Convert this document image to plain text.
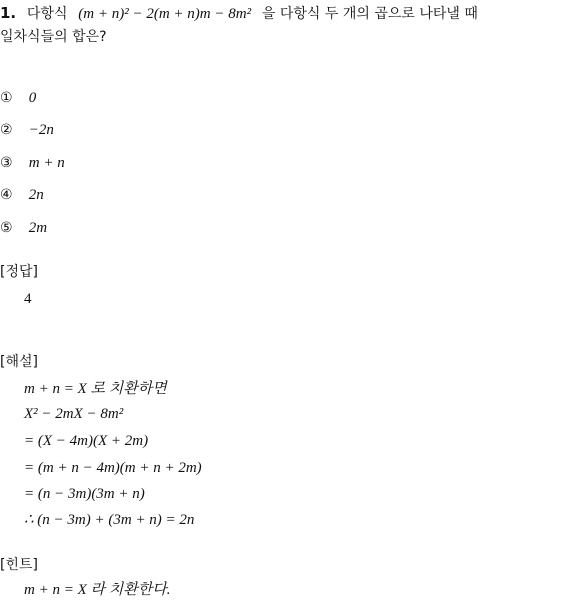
1. 다항식 (m + n)² − 2(m + n)m − 8m² 을 다항식 두 개의 곱으로 나타낼 때
일차식들의 합은?
① 0
② −2n
③ m + n
④ 2n
⑤ 2m
[정답]
4
[해설]
m + n = X 로 치환하면
X² − 2mX − 8m²
= (X − 4m)(X + 2m)
= (m + n − 4m)(m + n + 2m)
= (n − 3m)(3m + n)
∴ (n − 3m) + (3m + n) = 2n
[힌트]
m + n = X 라 치환한다.
